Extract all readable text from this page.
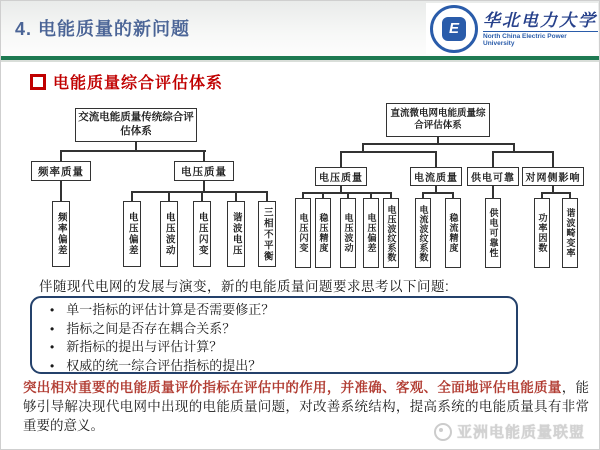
4. 电能质量的新问题	E	华北电力大学
North China Electric Power University
电能质量综合评估体系
交流电能质量传统综合评估体系
频率质量	电压质量
频率偏差	电压偏差	电压波动	电压闪变	谐波电压	三相不平衡
直流微电网电能质量综合评估体系
电压质量	电流质量	供电可靠	对网侧影响
电压闪变	稳压精度	电压波动	电压偏差	电压波纹系数	电流波纹系数	稳流精度	供电可靠性	功率因数	谐波畸变率
伴随现代电网的发展与演变，新的电能质量问题要求思考以下问题:
• 单一指标的评估计算是否需要修正？
• 指标之间是否存在耦合关系？
• 新指标的提出与评估计算？
• 权威的统一综合评估指标的提出？
突出相对重要的电能质量评价指标在评估中的作用，并准确、客观、全面地评估电能质量，能够引导解决现代电网中出现的电能质量问题，对改善系统结构，提高系统的电能质量具有非常重要的意义。	亚洲电能质量联盟
